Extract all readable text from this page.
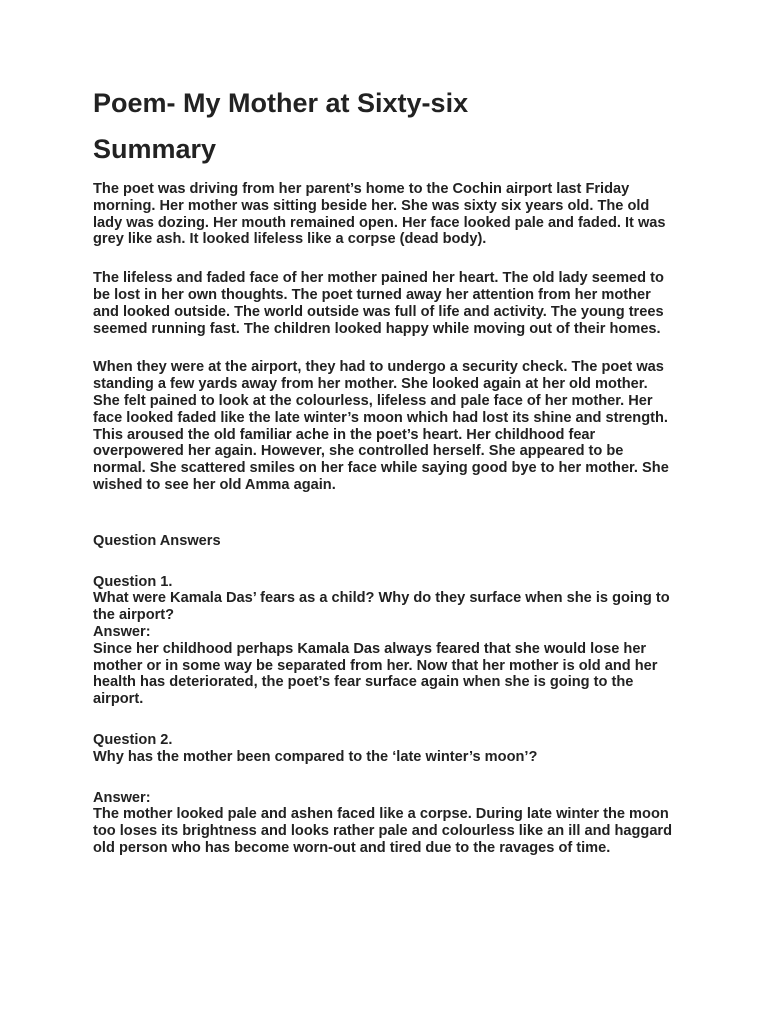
Poem- My Mother at Sixty-six
Summary

The poet was driving from her parent’s home to the Cochin airport last Friday morning. Her mother was sitting beside her. She was sixty six years old. The old lady was dozing. Her mouth remained open. Her face looked pale and faded. It was grey like ash. It looked lifeless like a corpse (dead body).

The lifeless and faded face of her mother pained her heart. The old lady seemed to be lost in her own thoughts. The poet turned away her attention from her mother and looked outside. The world outside was full of life and activity. The young trees seemed running fast. The children looked happy while moving out of their homes.

When they were at the airport, they had to undergo a security check. The poet was standing a few yards away from her mother. She looked again at her old mother. She felt pained to look at the colourless, lifeless and pale face of her mother. Her face looked faded like the late winter’s moon which had lost its shine and strength. This aroused the old familiar ache in the poet’s heart. Her childhood fear overpowered her again. However, she controlled herself. She appeared to be normal. She scattered smiles on her face while saying good bye to her mother. She wished to see her old Amma again.

Question Answers

Question 1.

What were Kamala Das’ fears as a child? Why do they surface when she is going to the airport?

Answer:

Since her childhood perhaps Kamala Das always feared that she would lose her mother or in some way be separated from her. Now that her mother is old and her health has deteriorated, the poet’s fear surface again when she is going to the airport.

Question 2.

Why has the mother been compared to the ‘late winter’s moon’?

Answer:

The mother looked pale and ashen faced like a corpse. During late winter the moon too loses its brightness and looks rather pale and colourless like an ill and haggard old person who has become worn-out and tired due to the ravages of time.
